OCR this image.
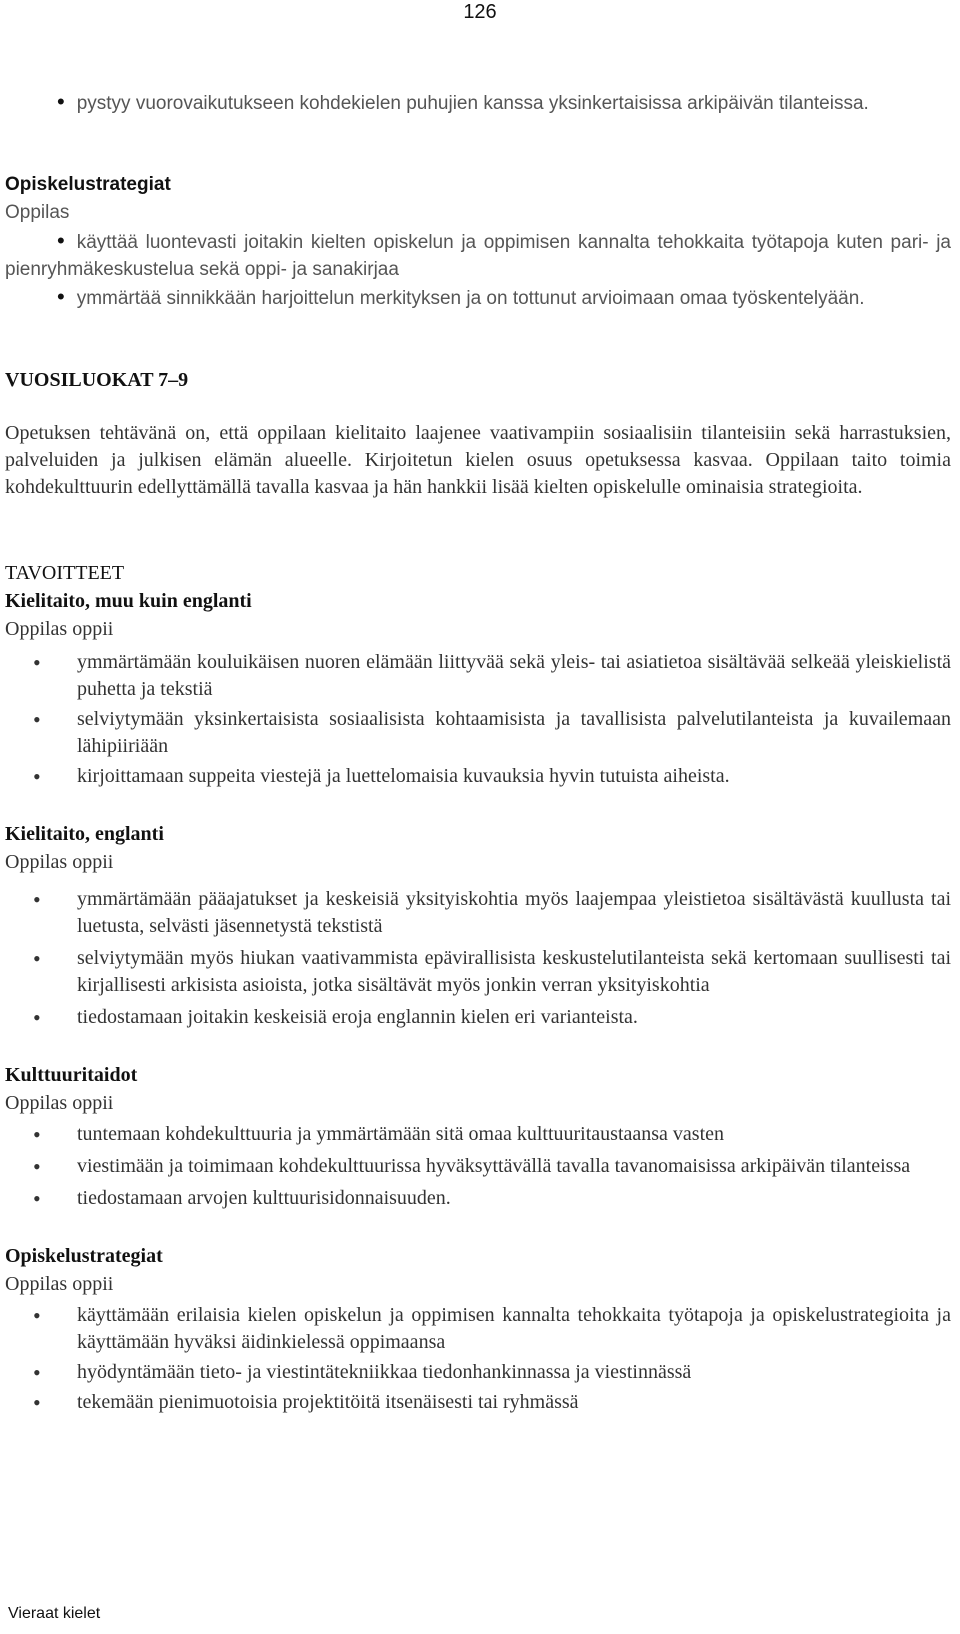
126
• pystyy vuorovaikutukseen kohdekielen puhujien kanssa yksinkertaisissa arkipäivän tilanteissa.
Opiskelustrategiat
Oppilas
• käyttää luontevasti joitakin kielten opiskelun ja oppimisen kannalta tehokkaita työtapoja kuten pari- ja pienryhmäkeskustelua sekä oppi- ja sanakirjaa
• ymmärtää sinnikkään harjoittelun merkityksen ja on tottunut arvioimaan omaa työskentelyään.
VUOSILUOKAT 7–9
Opetuksen tehtävänä on, että oppilaan kielitaito laajenee vaativampiin sosiaalisiin tilanteisiin sekä harrastuksien, palveluiden ja julkisen elämän alueelle. Kirjoitetun kielen osuus opetuksessa kasvaa. Oppilaan taito toimia kohdekulttuurin edellyttämällä tavalla kasvaa ja hän hankkii lisää kielten opiskelulle ominaisia strategioita.
TAVOITTEET
Kielitaito, muu kuin englanti
Oppilas oppii
• ymmärtämään kouluikäisen nuoren elämään liittyvää sekä yleis- tai asiatietoa sisältävää selkeää yleiskielistä puhetta ja tekstiä
• selviytymään yksinkertaisista sosiaalisista kohtaamisista ja tavallisista palvelutilanteista ja kuvailemaan lähipiiriään
• kirjoittamaan suppeita viestejä ja luettelomaisia kuvauksia hyvin tutuista aiheista.
Kielitaito, englanti
Oppilas oppii
• ymmärtämään pääajatukset ja keskeisiä yksityiskohtia myös laajempaa yleistietoa sisältävästä kuullusta tai luetusta, selvästi jäsennetystä tekstistä
• selviytymään myös hiukan vaativammista epävirallisista keskustelutilanteista sekä kertomaan suullisesti tai kirjallisesti arkisista asioista, jotka sisältävät myös jonkin verran yksityiskohtia
• tiedostamaan joitakin keskeisiä eroja englannin kielen eri varianteista.
Kulttuuritaidot
Oppilas oppii
• tuntemaan kohdekulttuuria ja ymmärtämään sitä omaa kulttuuritaustaansa vasten
• viestimään ja toimimaan kohdekulttuurissa hyväksyttävällä tavalla tavanomaisissa arkipäivän tilanteissa
• tiedostamaan arvojen kulttuurisidonnaisuuden.
Opiskelustrategiat
Oppilas oppii
• käyttämään erilaisia kielen opiskelun ja oppimisen kannalta tehokkaita työtapoja ja opiskelustrategioita ja käyttämään hyväksi äidinkielessä oppimaansa
• hyödyntämään tieto- ja viestintätekniikkaa tiedonhankinnassa ja viestinnässä
• tekemään pienimuotoisia projektitöitä itsenäisesti tai ryhmässä
Vieraat kielet
